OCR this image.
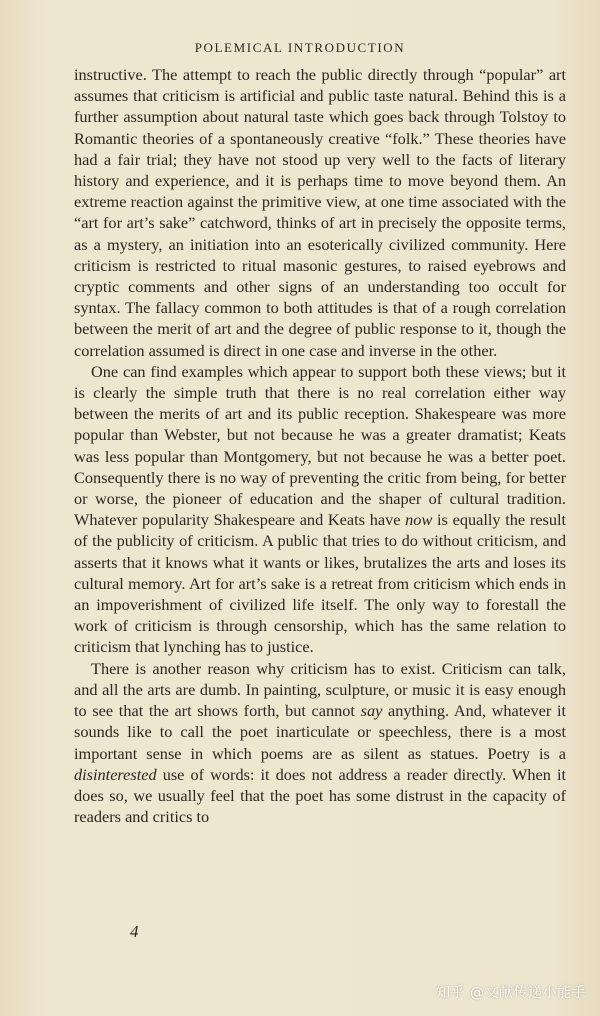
POLEMICAL INTRODUCTION

instructive. The attempt to reach the public directly through “popular” art assumes that criticism is artificial and public taste natural. Behind this is a further assumption about natural taste which goes back through Tolstoy to Romantic theories of a spontaneously creative “folk.” These theories have had a fair trial; they have not stood up very well to the facts of literary history and experience, and it is perhaps time to move beyond them. An extreme reaction against the primitive view, at one time associated with the “art for art’s sake” catchword, thinks of art in precisely the opposite terms, as a mystery, an initiation into an esoterically civilized community. Here criticism is restricted to ritual masonic gestures, to raised eyebrows and cryptic comments and other signs of an understanding too occult for syntax. The fallacy common to both attitudes is that of a rough correlation between the merit of art and the degree of public response to it, though the correlation assumed is direct in one case and inverse in the other.

One can find examples which appear to support both these views; but it is clearly the simple truth that there is no real correlation either way between the merits of art and its public reception. Shakespeare was more popular than Webster, but not because he was a greater dramatist; Keats was less popular than Montgomery, but not because he was a better poet. Consequently there is no way of preventing the critic from being, for better or worse, the pioneer of education and the shaper of cultural tradition. Whatever popularity Shakespeare and Keats have now is equally the result of the publicity of criticism. A public that tries to do without criticism, and asserts that it knows what it wants or likes, brutalizes the arts and loses its cultural memory. Art for art’s sake is a retreat from criticism which ends in an impoverishment of civilized life itself. The only way to forestall the work of criticism is through censorship, which has the same relation to criticism that lynching has to justice.

There is another reason why criticism has to exist. Criticism can talk, and all the arts are dumb. In painting, sculpture, or music it is easy enough to see that the art shows forth, but cannot say anything. And, whatever it sounds like to call the poet inarticulate or speechless, there is a most important sense in which poems are as silent as statues. Poetry is a disinterested use of words: it does not address a reader directly. When it does so, we usually feel that the poet has some distrust in the capacity of readers and critics to

4
知乎 @文献传递小能手
